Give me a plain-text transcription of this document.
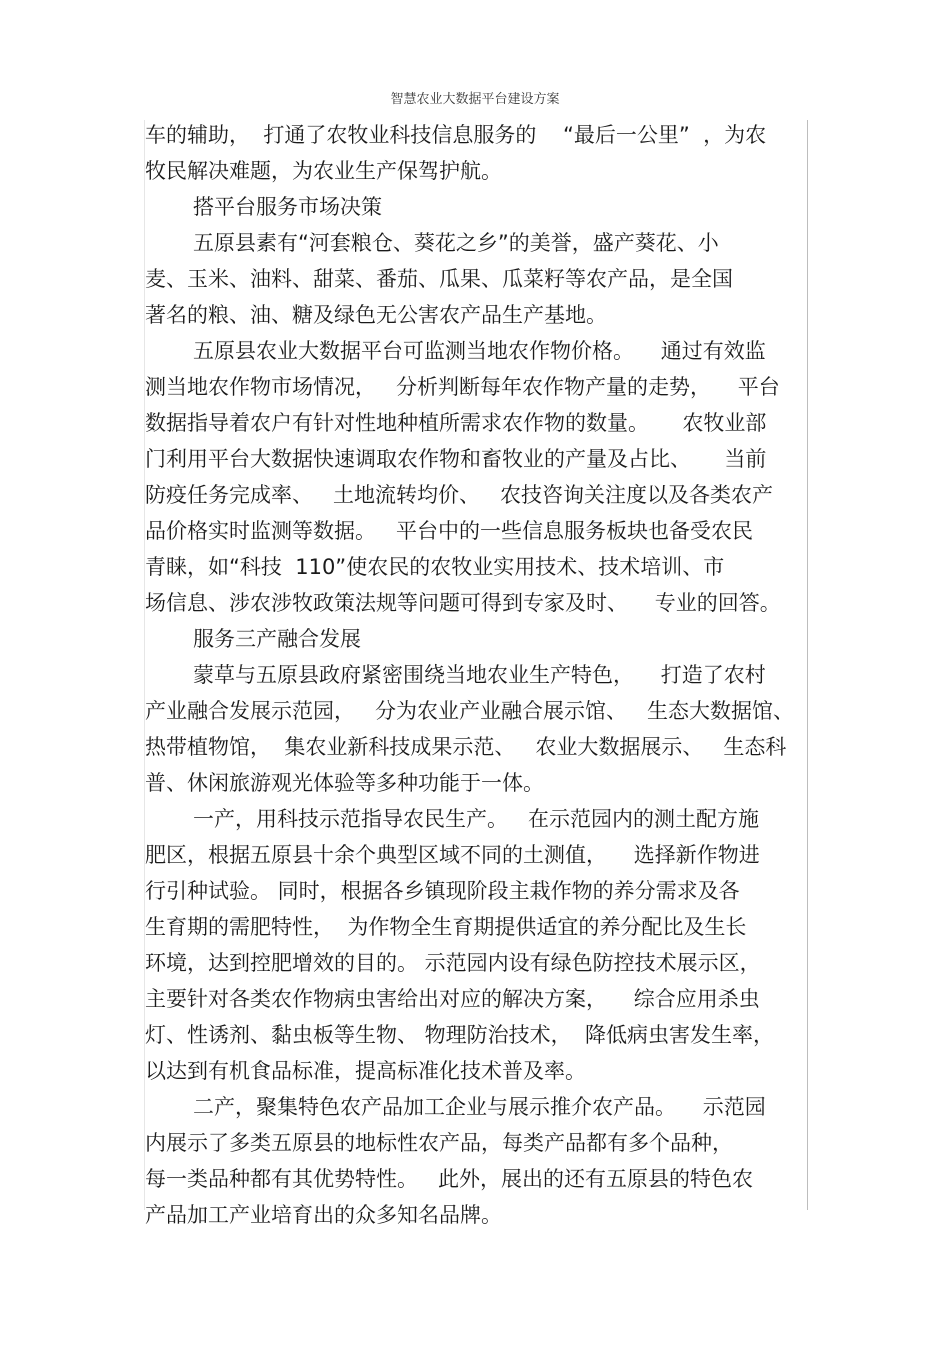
智慧农业大数据平台建设方案
车的辅助，  打通了农牧业科技信息服务的    “最后一公里”  ，为农
牧民解决难题，为农业生产保驾护航。
搭平台服务市场决策
五原县素有“河套粮仓、葵花之乡”的美誉，盛产葵花、小
麦、玉米、油料、甜菜、番茄、瓜果、瓜菜籽等农产品，是全国
著名的粮、油、糖及绿色无公害农产品生产基地。
五原县农业大数据平台可监测当地农作物价格。    通过有效监
测当地农作物市场情况，   分析判断每年农作物产量的走势，    平台
数据指导着农户有针对性地种植所需求农作物的数量。     农牧业部
门利用平台大数据快速调取农作物和畜牧业的产量及占比、     当前
防疫任务完成率、   土地流转均价、   农技咨询关注度以及各类农产
品价格实时监测等数据。   平台中的一些信息服务板块也备受农民
青睐，如“科技  110”使农民的农牧业实用技术、技术培训、市
场信息、涉农涉牧政策法规等问题可得到专家及时、    专业的回答。
服务三产融合发展
蒙草与五原县政府紧密围绕当地农业生产特色，    打造了农村
产业融合发展示范园，   分为农业产业融合展示馆、   生态大数据馆、
热带植物馆，  集农业新科技成果示范、   农业大数据展示、   生态科
普、休闲旅游观光体验等多种功能于一体。
一产，用科技示范指导农民生产。   在示范园内的测土配方施
肥区，根据五原县十余个典型区域不同的土测值，    选择新作物进
行引种试验。 同时，根据各乡镇现阶段主栽作物的养分需求及各
生育期的需肥特性，  为作物全生育期提供适宜的养分配比及生长
环境，达到控肥增效的目的。 示范园内设有绿色防控技术展示区，
主要针对各类农作物病虫害给出对应的解决方案，    综合应用杀虫
灯、性诱剂、黏虫板等生物、 物理防治技术，  降低病虫害发生率，
以达到有机食品标准，提高标准化技术普及率。
二产，聚集特色农产品加工企业与展示推介农产品。    示范园
内展示了多类五原县的地标性农产品，每类产品都有多个品种，
每一类品种都有其优势特性。   此外，展出的还有五原县的特色农
产品加工产业培育出的众多知名品牌。
